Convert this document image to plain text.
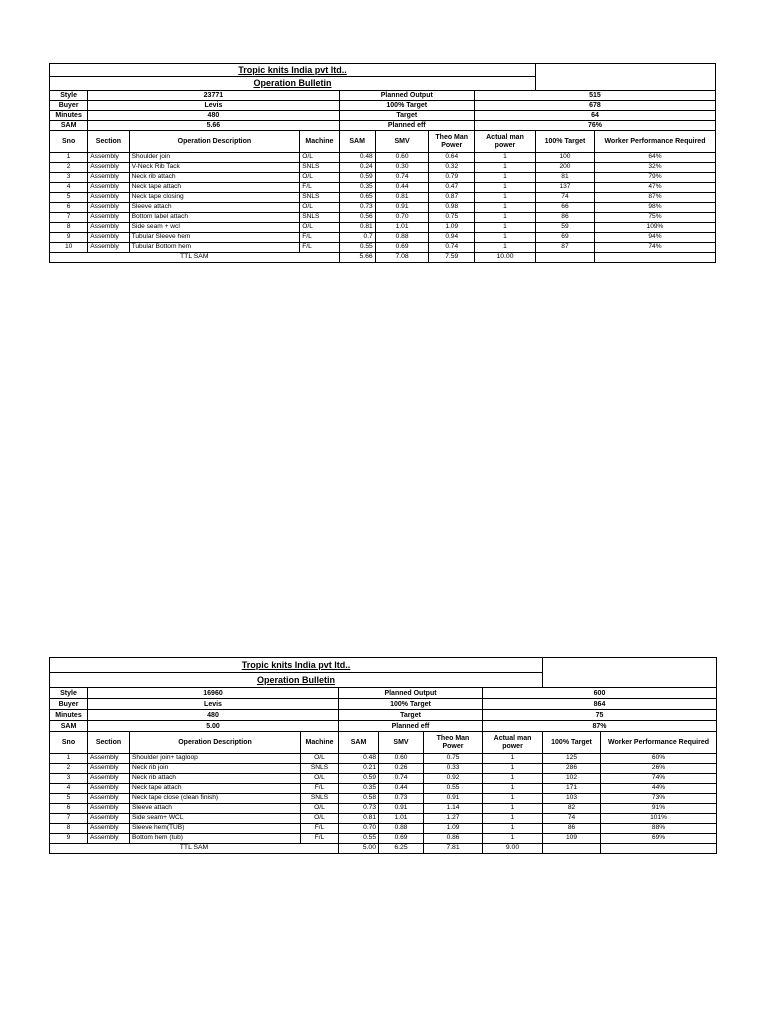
Tropic knits India pvt ltd..									
Operation Bulletin									
Style	23771			Planned Output			515		
Buyer	Levis			100% Target			678		
Minutes	480			Target			64		
SAM	5.66			Planned eff			76%		
Sno	Section	Operation Description	Machine	SAM	SMV	Theo Man Power	Actual man power	100% Target	Worker Performance Required
1	Assembly	Shoulder join	O/L	0.48	0.60	0.64	1	100	64%
2	Assembly	V-Neck Rib Tack	SNLS	0.24	0.30	0.32	1	200	32%
3	Assembly	Neck rib attach	O/L	0.59	0.74	0.79	1	81	79%
4	Assembly	Neck tape attach	F/L	0.35	0.44	0.47	1	137	47%
5	Assembly	Neck tape closing	SNLS	0.65	0.81	0.87	1	74	87%
6	Assembly	Sleeve attach	O/L	0.73	0.91	0.98	1	66	98%
7	Assembly	Bottom label attach	SNLS	0.56	0.70	0.75	1	86	75%
8	Assembly	Side seam + wcl	O/L	0.81	1.01	1.09	1	59	109%
9	Assembly	Tubular Sleeve hem	F/L	0.7	0.88	0.94	1	69	94%
10	Assembly	Tubular Bottom hem	F/L	0.55	0.69	0.74	1	87	74%
TTL SAM				5.66	7.08	7.59	10.00		
Tropic knits India pvt ltd..									
Operation Bulletin									
Style	16960			Planned Output			600		
Buyer	Levis			100% Target			864		
Minutes	480			Target			75		
SAM	5.00			Planned eff			87%		
Sno	Section	Operation Description	Machine	SAM	SMV	Theo Man Power	Actual man power	100% Target	Worker Performance Required
1	Assembly	Shoulder join+ tagloop	O/L	0.48	0.60	0.75	1	125	60%
2	Assembly	Neck rib join	SNLS	0.21	0.26	0.33	1	286	26%
3	Assembly	Neck rib attach	O/L	0.59	0.74	0.92	1	102	74%
4	Assembly	Neck tape attach	F/L	0.35	0.44	0.55	1	171	44%
5	Assembly	Neck tape close (clean finish)	SNLS	0.58	0.73	0.91	1	103	73%
6	Assembly	Sleeve attach	O/L	0.73	0.91	1.14	1	82	91%
7	Assembly	Side seam+ WCL	O/L	0.81	1.01	1.27	1	74	101%
8	Assembly	Sleeve hem(TUB)	F/L	0.70	0.88	1.09	1	86	88%
9	Assembly	Bottom hem (tub)	F/L	0.55	0.69	0.86	1	109	69%
TTL SAM				5.00	6.25	7.81	9.00		
